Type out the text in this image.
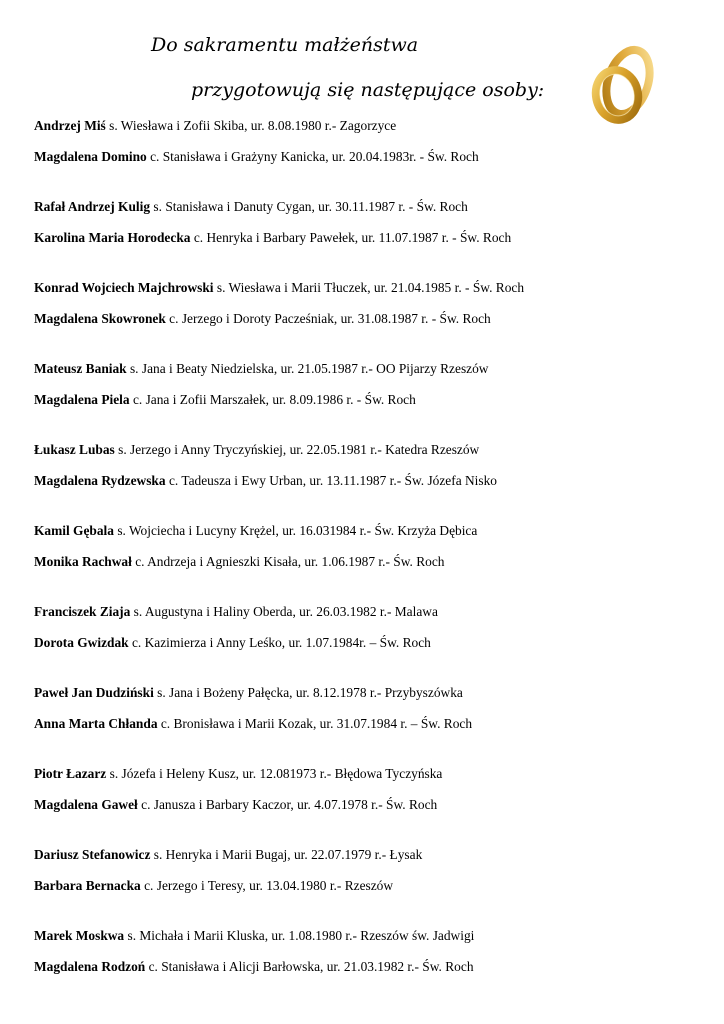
Do sakramentu małżeństwa
przygotowują się następujące osoby:

Andrzej Miś s. Wiesława i Zofii Skiba, ur. 8.08.1980 r.- Zagorzyce

Magdalena Domino c. Stanisława i Grażyny Kanicka, ur. 20.04.1983r. - Św. Roch

Rafał Andrzej Kulig s. Stanisława i Danuty Cygan, ur. 30.11.1987 r. - Św. Roch

Karolina Maria Horodecka c. Henryka i Barbary Pawełek, ur. 11.07.1987 r. - Św. Roch

Konrad Wojciech Majchrowski s. Wiesława i Marii Tłuczek, ur. 21.04.1985 r. - Św. Roch

Magdalena Skowronek c. Jerzego i Doroty Pacześniak, ur. 31.08.1987 r. - Św. Roch

Mateusz Baniak s. Jana i Beaty Niedzielska, ur. 21.05.1987 r.- OO Pijarzy Rzeszów

Magdalena Piela c. Jana i Zofii Marszałek, ur. 8.09.1986 r. - Św. Roch

Łukasz Lubas s. Jerzego i Anny Tryczyńskiej, ur. 22.05.1981 r.- Katedra Rzeszów

Magdalena Rydzewska c. Tadeusza i Ewy Urban, ur. 13.11.1987 r.- Św. Józefa Nisko

Kamil Gębala s. Wojciecha i Lucyny Krężel, ur. 16.031984 r.- Św. Krzyża Dębica

Monika Rachwał c. Andrzeja i Agnieszki Kisała, ur. 1.06.1987 r.- Św. Roch

Franciszek Ziaja s. Augustyna i Haliny Oberda, ur. 26.03.1982 r.- Malawa

Dorota Gwizdak c. Kazimierza i Anny Leśko, ur. 1.07.1984r. – Św. Roch

Paweł Jan Dudziński s. Jana i Bożeny Pałęcka, ur. 8.12.1978 r.- Przybyszówka

Anna Marta Chłanda c. Bronisława i Marii Kozak, ur. 31.07.1984 r. – Św. Roch

Piotr Łazarz s. Józefa i Heleny Kusz, ur. 12.081973 r.- Błędowa Tyczyńska

Magdalena Gaweł c. Janusza i Barbary Kaczor, ur. 4.07.1978 r.- Św. Roch

Dariusz Stefanowicz s. Henryka i Marii Bugaj, ur. 22.07.1979 r.- Łysak

Barbara Bernacka c. Jerzego i Teresy, ur. 13.04.1980 r.- Rzeszów

Marek Moskwa s. Michała i Marii Kluska, ur. 1.08.1980 r.- Rzeszów św. Jadwigi

Magdalena Rodzoń c. Stanisława i Alicji Barłowska, ur. 21.03.1982 r.- Św. Roch
